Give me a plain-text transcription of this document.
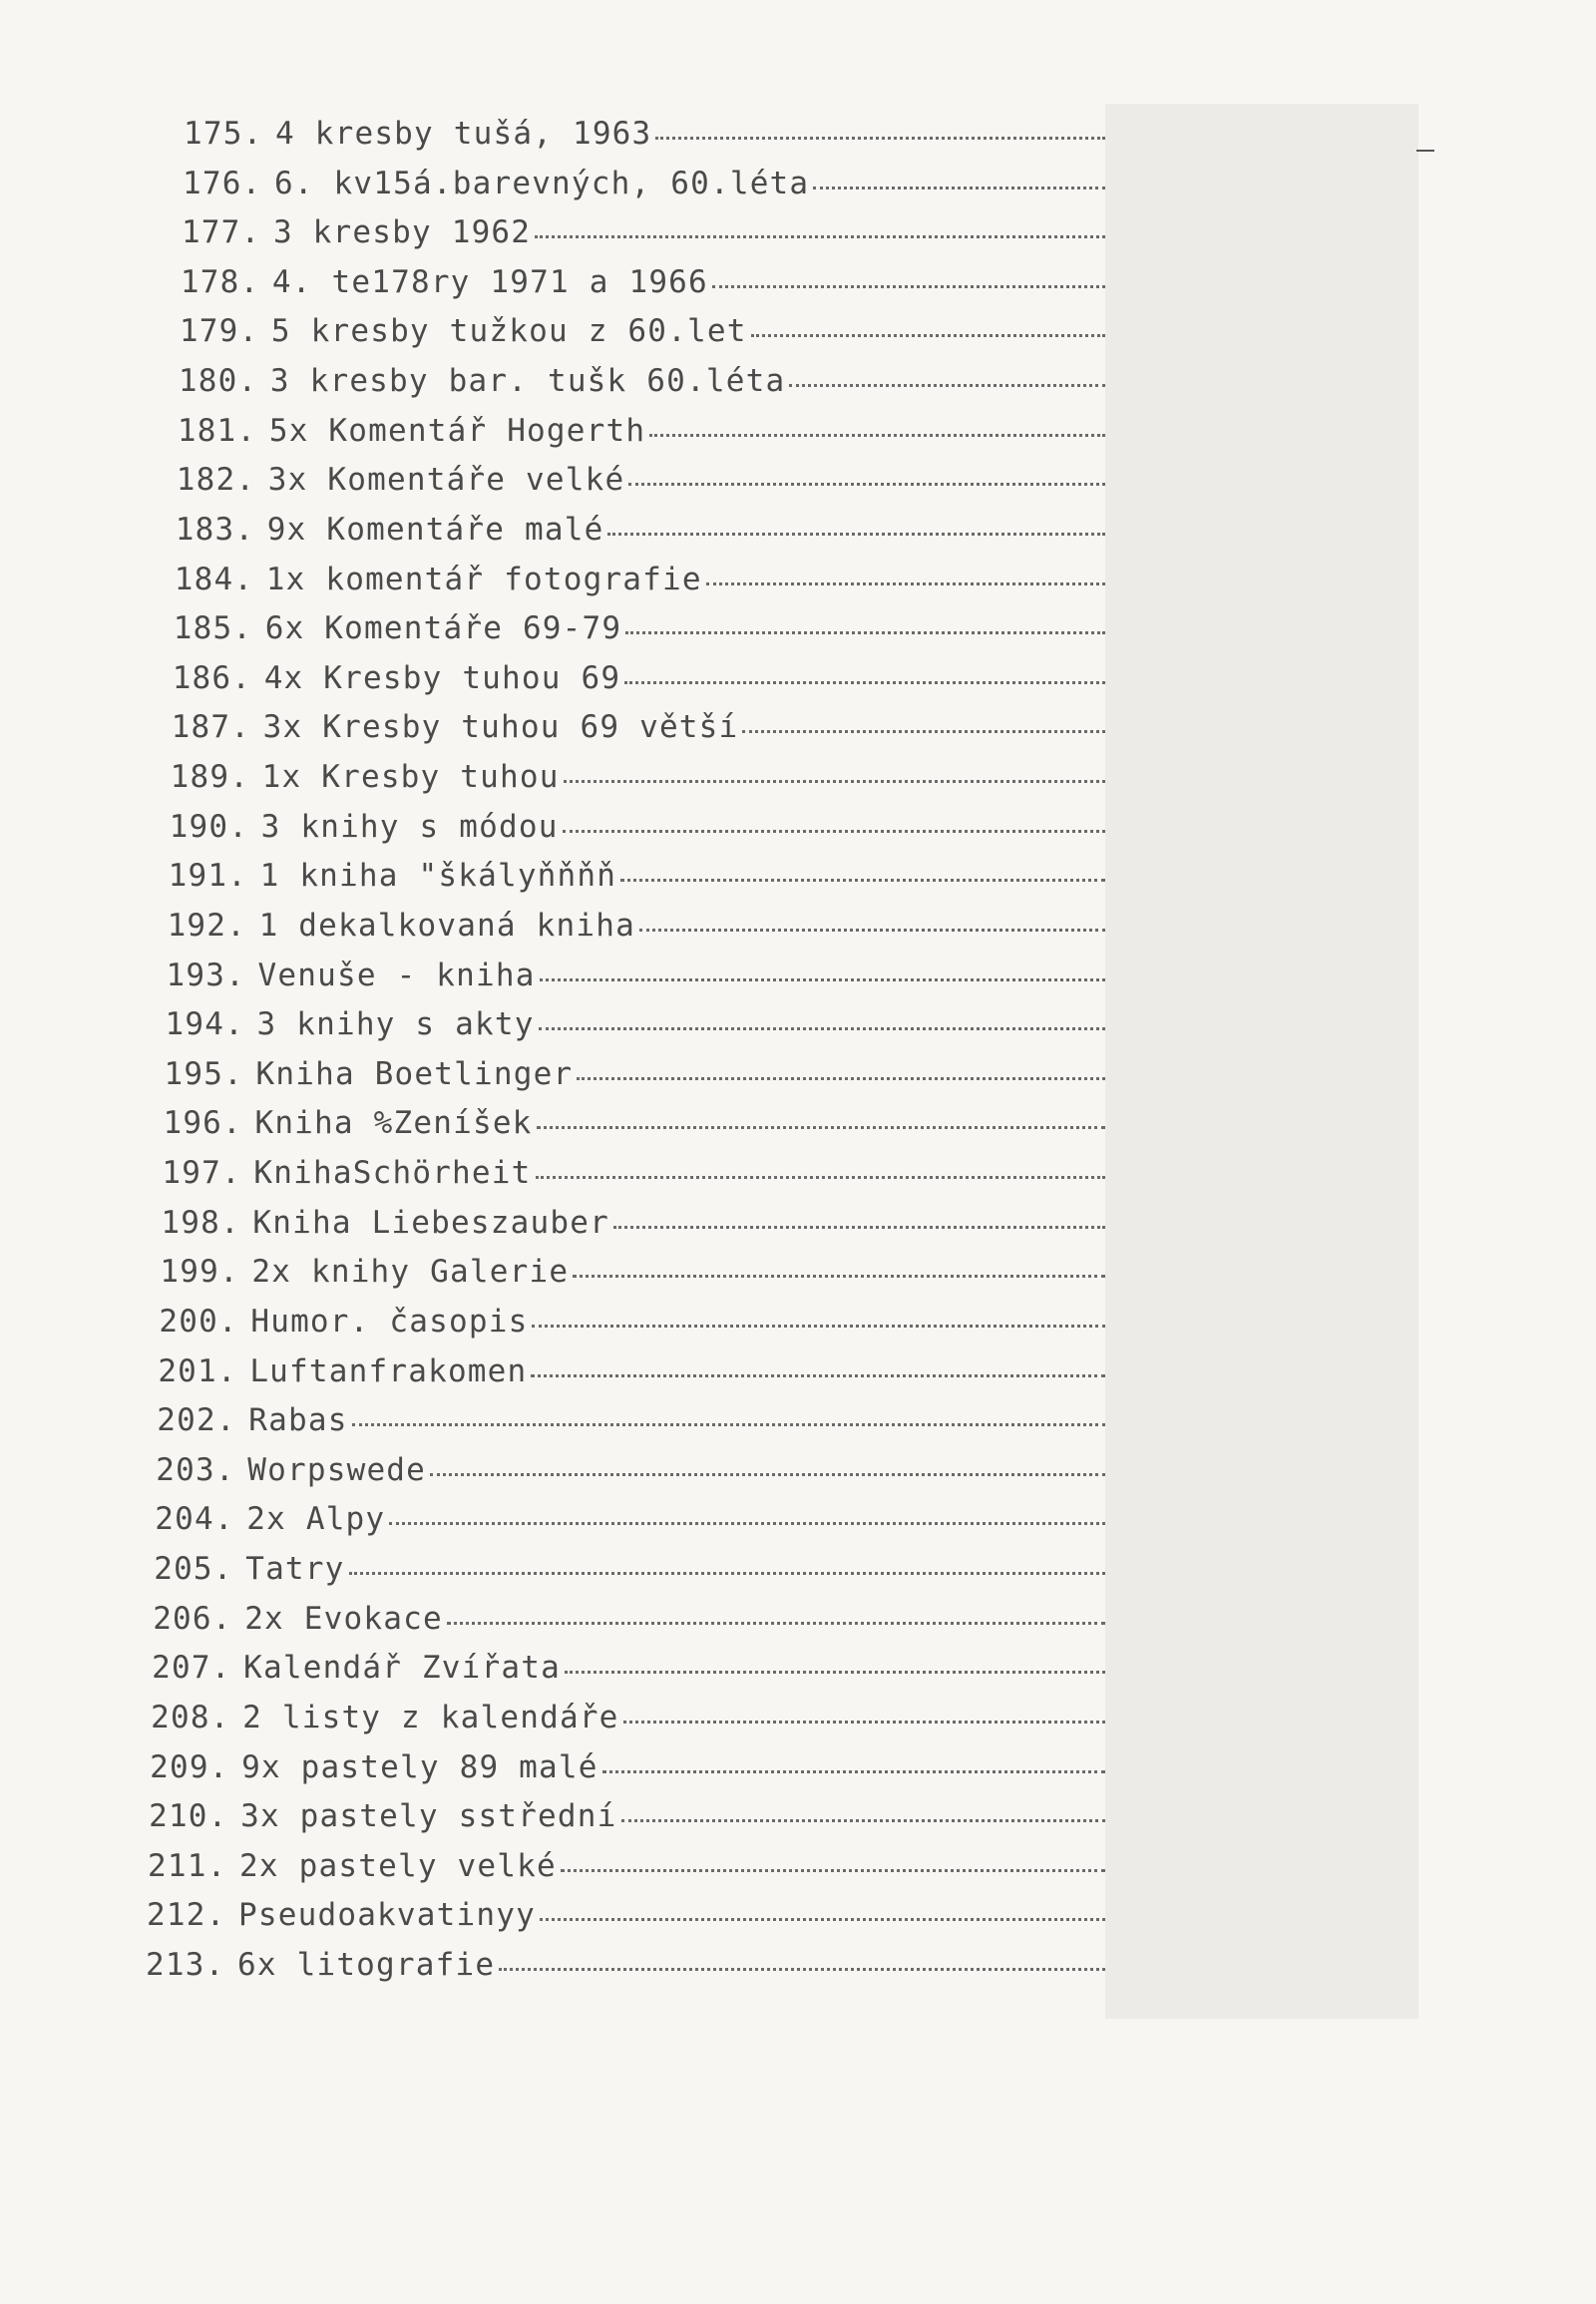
175. 4 kresby tušá, 1963
176. 6. kv15á.barevných, 60.léta
177. 3 kresby 1962
178. 4. te178ry 1971 a 1966
179. 5 kresby tužkou z 60.let
180. 3 kresby bar. tušk 60.léta
181. 5x Komentář Hogerth
182. 3x Komentáře velké
183. 9x Komentáře malé
184. 1x komentář fotografie
185. 6x Komentáře 69-79
186. 4x Kresby tuhou 69
187. 3x Kresby tuhou 69 větší
189. 1x Kresby tuhou
190. 3 knihy s módou
191. 1 kniha "škályňňňň
192. 1 dekalkovaná kniha
193. Venuše - kniha
194. 3 knihy s akty
195. Kniha Boetlinger
196. Kniha %Zeníšek
197. KnihaSchörheit
198. Kniha Liebeszauber
199. 2x knihy Galerie
200. Humor. časopis
201. Luftanfrakomen
202. Rabas
203. Worpswede
204. 2x Alpy
205. Tatry
206. 2x Evokace
207. Kalendář Zvířata
208. 2 listy z kalendáře
209. 9x pastely 89 malé
210. 3x pastely sstřední
211. 2x pastely velké
212. Pseudoakvatinyy
213. 6x litografie
